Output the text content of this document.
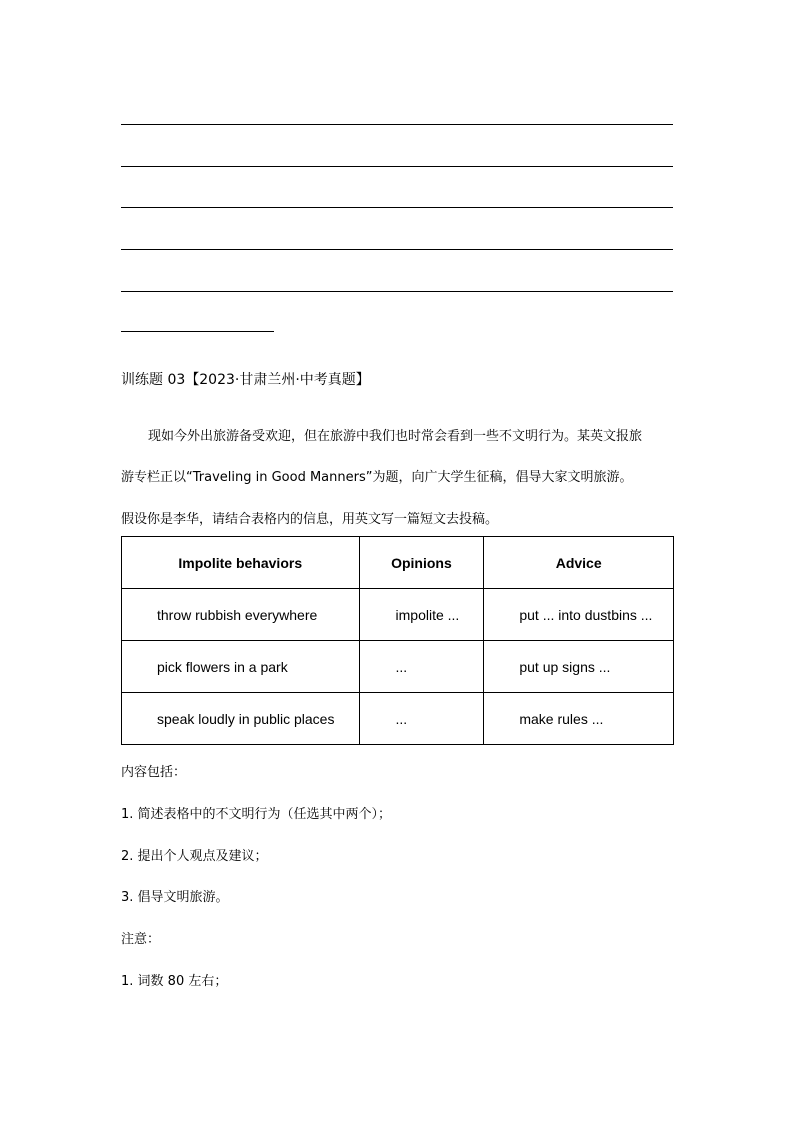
训练题 03【2023·甘肃兰州·中考真题】
现如今外出旅游备受欢迎，但在旅游中我们也时常会看到一些不文明行为。某英文报旅
游专栏正以“Traveling in Good Manners”为题，向广大学生征稿，倡导大家文明旅游。
假设你是李华，请结合表格内的信息，用英文写一篇短文去投稿。
Impolite behaviors	Opinions	Advice
throw rubbish everywhere	impolite ...	put ... into dustbins ...
pick flowers in a park	...	put up signs ...
speak loudly in public places	...	make rules ...
内容包括：
1. 简述表格中的不文明行为（任选其中两个）；
2. 提出个人观点及建议；
3. 倡导文明旅游。
注意：
1. 词数 80 左右；
